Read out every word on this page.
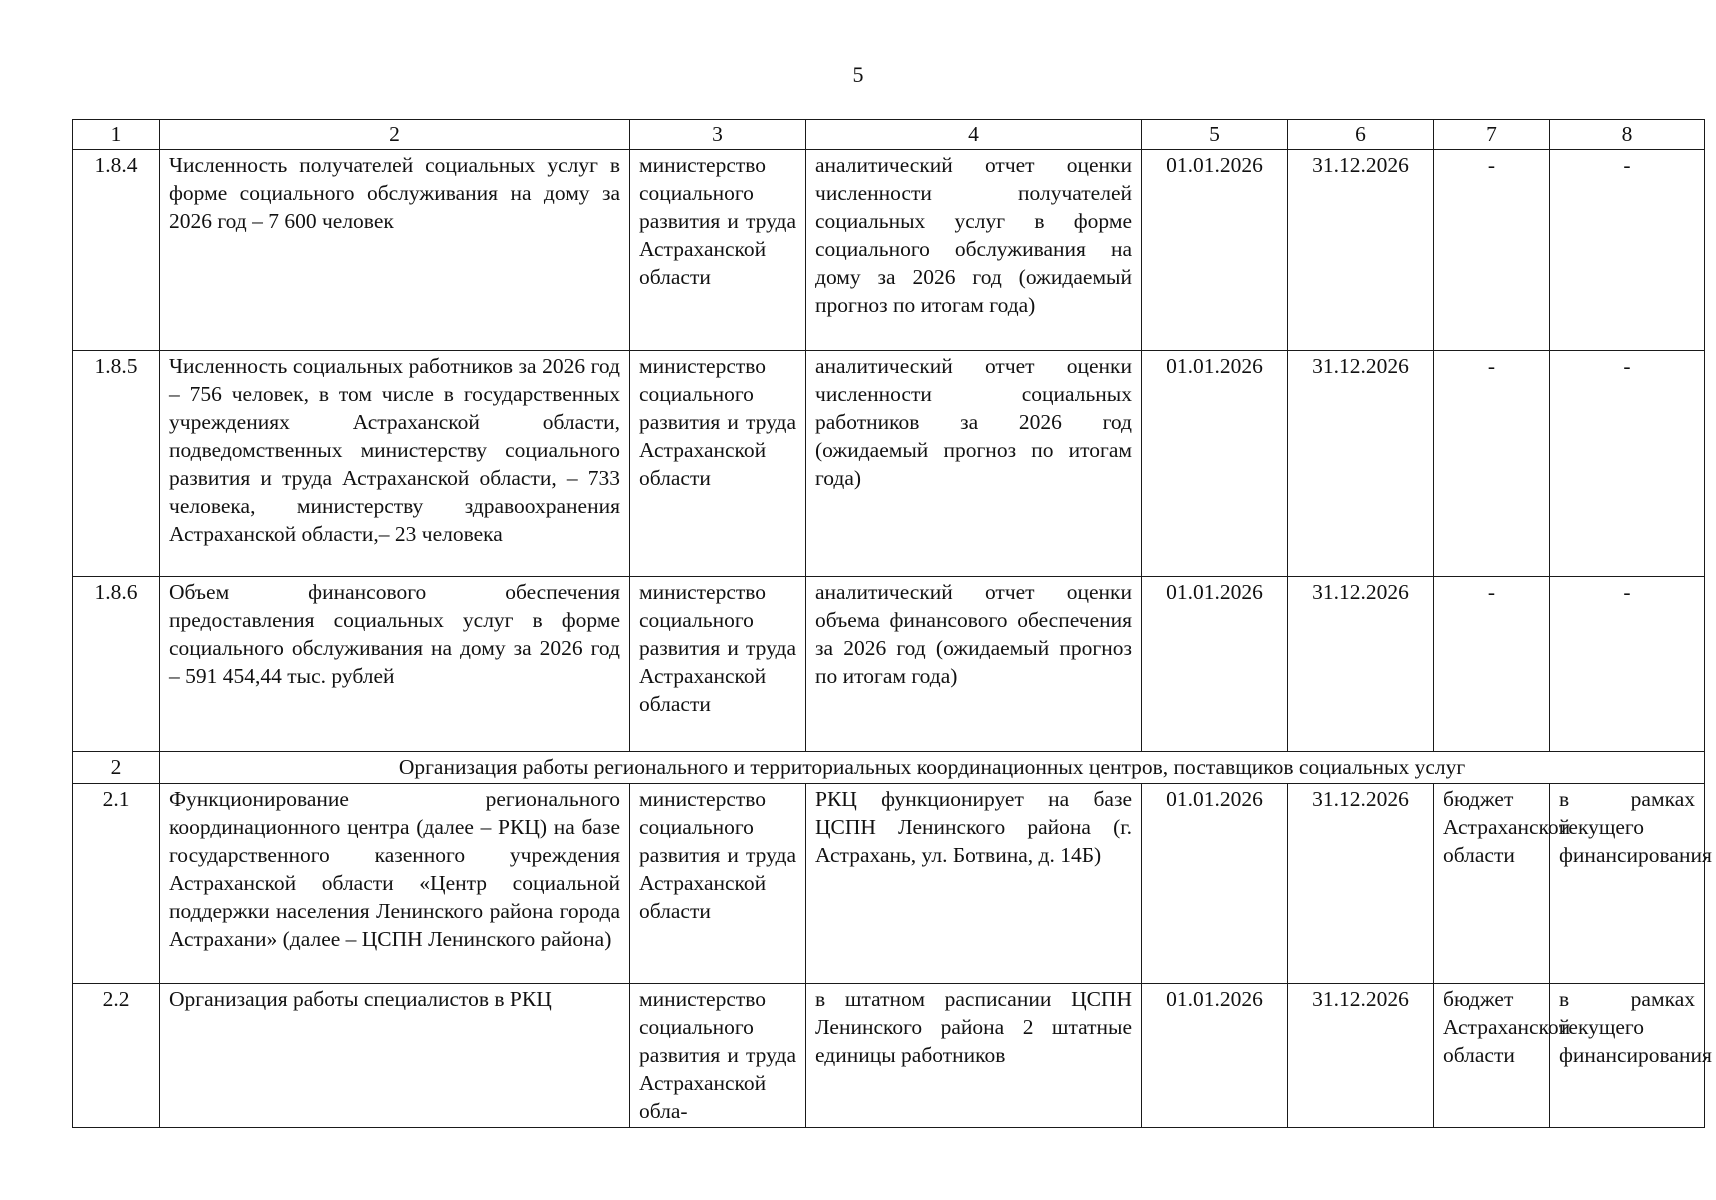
5
1	2	3	4	5	6	7	8
1.8.4	Численность получателей социальных услуг в форме социального обслуживания на дому за 2026 год – 7 600 человек	министерство социального развития и труда Астраханской области	аналитический отчет оценки численности получателей социальных услуг в форме социального обслуживания на дому за 2026 год (ожидаемый прогноз по итогам года)	01.01.2026	31.12.2026	-	-
1.8.5	Численность социальных работников за 2026 год – 756 человек, в том числе в государственных учреждениях Астраханской области, подведомственных министерству социального развития и труда Астраханской области, – 733 человека, министерству здравоохранения Астраханской области,– 23 человека	министерство социального развития и труда Астраханской области	аналитический отчет оценки численности социальных работников за 2026 год (ожидаемый прогноз по итогам года)	01.01.2026	31.12.2026	-	-
1.8.6	Объем финансового обеспечения предоставления социальных услуг в форме социального обслуживания на дому за 2026 год – 591 454,44 тыс. рублей	министерство социального развития и труда Астраханской области	аналитический отчет оценки объема финансового обеспечения за 2026 год (ожидаемый прогноз по итогам года)	01.01.2026	31.12.2026	-	-
2	Организация работы регионального и территориальных координационных центров, поставщиков социальных услуг						
2.1	Функционирование регионального координационного центра (далее – РКЦ) на базе государственного казенного учреждения Астраханской области «Центр социальной поддержки населения Ленинского района города Астрахани» (далее – ЦСПН Ленинского района)	министерство социального развития и труда Астраханской области	РКЦ функционирует на базе ЦСПН Ленинского района (г. Астрахань, ул. Ботвина, д. 14Б)	01.01.2026	31.12.2026	бюджет Астраханской области	в рамках текущего финансирования
2.2	Организация работы специалистов в РКЦ	министерство социального развития и труда Астраханской обла-	в штатном расписании ЦСПН Ленинского района 2 штатные единицы работников	01.01.2026	31.12.2026	бюджет Астраханской области	в рамках текущего финансирования
